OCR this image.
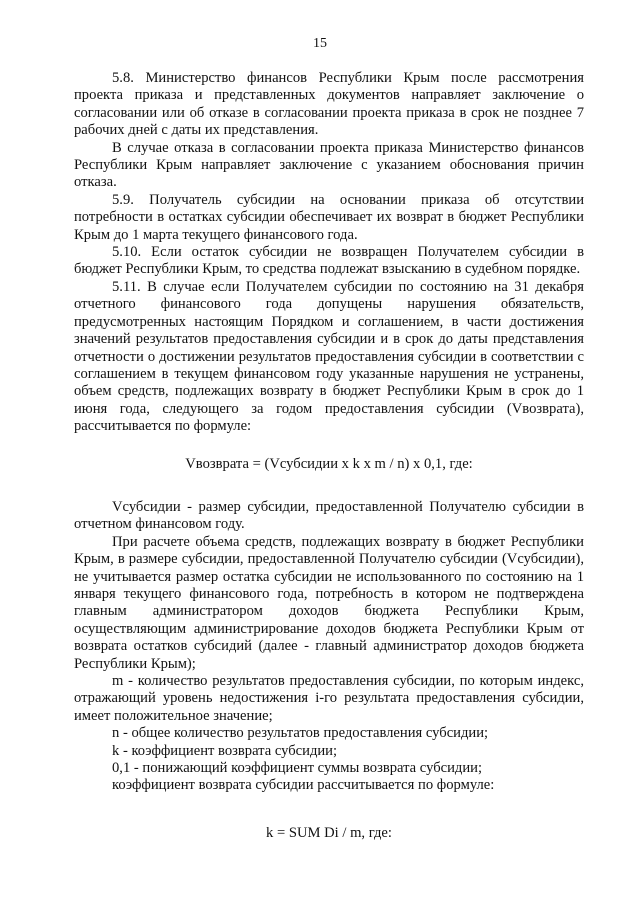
15

5.8. Министерство финансов Республики Крым после рассмотрения проекта приказа и представленных документов направляет заключение о согласовании или об отказе в согласовании проекта приказа в срок не позднее 7 рабочих дней с даты их представления.

В случае отказа в согласовании проекта приказа Министерство финансов Республики Крым направляет заключение с указанием обоснования причин отказа.

5.9. Получатель субсидии на основании приказа об отсутствии потребности в остатках субсидии обеспечивает их возврат в бюджет Республики Крым до 1 марта текущего финансового года.

5.10. Если остаток субсидии не возвращен Получателем субсидии в бюджет Республики Крым, то средства подлежат взысканию в судебном порядке.

5.11. В случае если Получателем субсидии по состоянию на 31 декабря отчетного финансового года допущены нарушения обязательств, предусмотренных настоящим Порядком и соглашением, в части достижения значений результатов предоставления субсидии и в срок до даты представления отчетности о достижении результатов предоставления субсидии в соответствии с соглашением в текущем финансовом году указанные нарушения не устранены, объем средств, подлежащих возврату в бюджет Республики Крым в срок до 1 июня года, следующего за годом предоставления субсидии (Vвозврата), рассчитывается по формуле:

Vвозврата = (Vсубсидии x k x m / n) x 0,1, где:

Vсубсидии - размер субсидии, предоставленной Получателю субсидии в отчетном финансовом году.

При расчете объема средств, подлежащих возврату в бюджет Республики Крым, в размере субсидии, предоставленной Получателю субсидии (Vсубсидии), не учитывается размер остатка субсидии не использованного по состоянию на 1 января текущего финансового года, потребность в котором не подтверждена главным администратором доходов бюджета Республики Крым, осуществляющим администрирование доходов бюджета Республики Крым от возврата остатков субсидий (далее - главный администратор доходов бюджета Республики Крым);

m - количество результатов предоставления субсидии, по которым индекс, отражающий уровень недостижения i-го результата предоставления субсидии, имеет положительное значение;

n - общее количество результатов предоставления субсидии;

k - коэффициент возврата субсидии;

0,1 - понижающий коэффициент суммы возврата субсидии;

коэффициент возврата субсидии рассчитывается по формуле:

k = SUM Di / m, где:
